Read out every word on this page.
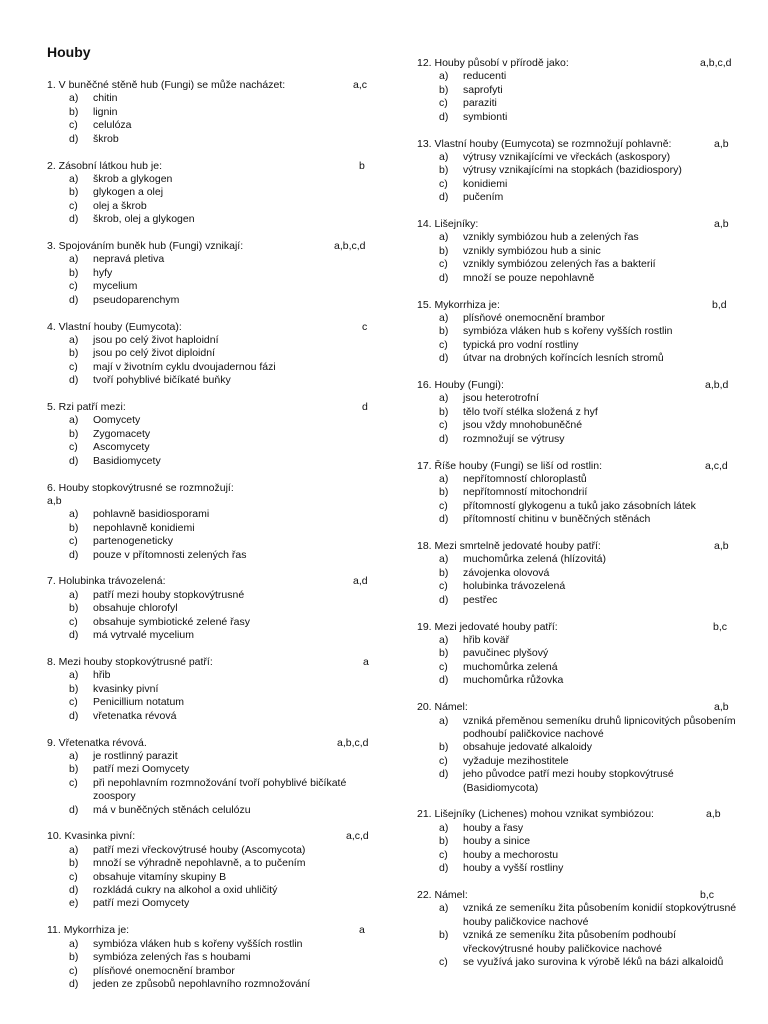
Houby
1. V buněčné stěně hub (Fungi) se může nacházet:	a,c
a)	chitin
b)	lignin
c)	celulóza
d)	škrob
2. Zásobní látkou hub je:	b
a)	škrob a glykogen
b)	glykogen a olej
c)	olej a škrob
d)	škrob, olej a glykogen
3. Spojováním buněk hub (Fungi) vznikají:	a,b,c,d
a)	nepravá pletiva
b)	hyfy
c)	mycelium
d)	pseudoparenchym
4. Vlastní houby (Eumycota):	c
a)	jsou po celý život haploidní
b)	jsou po celý život diploidní
c)	mají v životním cyklu dvoujadernou fázi
d)	tvoří pohyblivé bičíkaté buňky
5. Rzi patří mezi:	d
a)	Oomycety
b)	Zygomacety
c)	Ascomycety
d)	Basidiomycety
6. Houby stopkovýtrusné se rozmnožují:
a,b
a)	pohlavně basidiosporami
b)	nepohlavně konidiemi
c)	partenogeneticky
d)	pouze v přítomnosti zelených řas
7. Holubinka trávozelená:	a,d
a)	patří mezi houby stopkovýtrusné
b)	obsahuje chlorofyl
c)	obsahuje symbiotické zelené řasy
d)	má vytrvalé mycelium
8. Mezi houby stopkovýtrusné patří:	a
a)	hřib
b)	kvasinky pivní
c)	Penicillium notatum
d)	vřetenatka révová
9. Vřetenatka révová.	a,b,c,d
a)	je rostlinný parazit
b)	patří mezi Oomycety
c)	při nepohlavním rozmnožování tvoří pohyblivé bičíkaté zoospory
d)	má v buněčných stěnách celulózu
10. Kvasinka pivní:	a,c,d
a)	patří mezi vřeckovýtrusé houby (Ascomycota)
b)	množí se výhradně nepohlavně, a to pučením
c)	obsahuje vitamíny skupiny B
d)	rozkládá cukry na alkohol a oxid uhličitý
e)	patří mezi Oomycety
11. Mykorrhiza je:	a
a)	symbióza vláken hub s kořeny vyšších rostlin
b)	symbióza zelených řas s houbami
c)	plísňové onemocnění brambor
d)	jeden ze způsobů nepohlavního rozmnožování
12. Houby působí v přírodě jako:	a,b,c,d
a)	reducenti
b)	saprofyti
c)	paraziti
d)	symbionti
13. Vlastní houby (Eumycota) se rozmnožují pohlavně:	a,b
a)	výtrusy vznikajícími ve vřeckách (askospory)
b)	výtrusy vznikajícími na stopkách (bazidiospory)
c)	konidiemi
d)	pučením
14. Lišejníky:	a,b
a)	vznikly symbiózou hub a zelených řas
b)	vznikly symbiózou hub a sinic
c)	vznikly symbiózou zelených řas a bakterií
d)	množí se pouze nepohlavně
15. Mykorrhiza je:	b,d
a)	plísňové onemocnění brambor
b)	symbióza vláken hub s kořeny vyšších rostlin
c)	typická pro vodní rostliny
d)	útvar na drobných koříncích lesních stromů
16. Houby (Fungi):	a,b,d
a)	jsou heterotrofní
b)	tělo tvoří stélka složená z hyf
c)	jsou vždy mnohobuněčné
d)	rozmnožují se výtrusy
17. Říše houby (Fungi) se liší od rostlin:	a,c,d
a)	nepřítomností chloroplastů
b)	nepřítomností mitochondrií
c)	přítomností glykogenu a tuků jako zásobních látek
d)	přítomností chitinu v buněčných stěnách
18. Mezi smrtelně jedovaté houby patří:	a,b
a)	muchomůrka zelená (hlízovitá)
b)	závojenka olovová
c)	holubinka trávozelená
d)	pestřec
19. Mezi jedovaté houby patří:	b,c
a)	hřib koväř
b)	pavučinec plyšový
c)	muchomůrka zelená
d)	muchomůrka růžovka
20. Námel:	a,b
a)	vzniká přeměnou semeníku druhů lipnicovitých působením podhoubí paličkovice nachové
b)	obsahuje jedovaté alkaloidy
c)	vyžaduje mezihostitele
d)	jeho původce patří mezi houby stopkovýtrusé (Basidiomycota)
21. Lišejníky (Lichenes) mohou vznikat symbiózou:	a,b
a)	houby a řasy
b)	houby a sinice
c)	houby a mechorostu
d)	houby a vyšší rostliny
22. Námel:	b,c
a)	vzniká ze semeníku žita působením konidií stopkovýtrusné houby paličkovice nachové
b)	vzniká ze semeníku žita působením podhoubí vřeckovýtrusné houby paličkovice nachové
c)	se využívá jako surovina k výrobě léků na bázi alkaloidů
